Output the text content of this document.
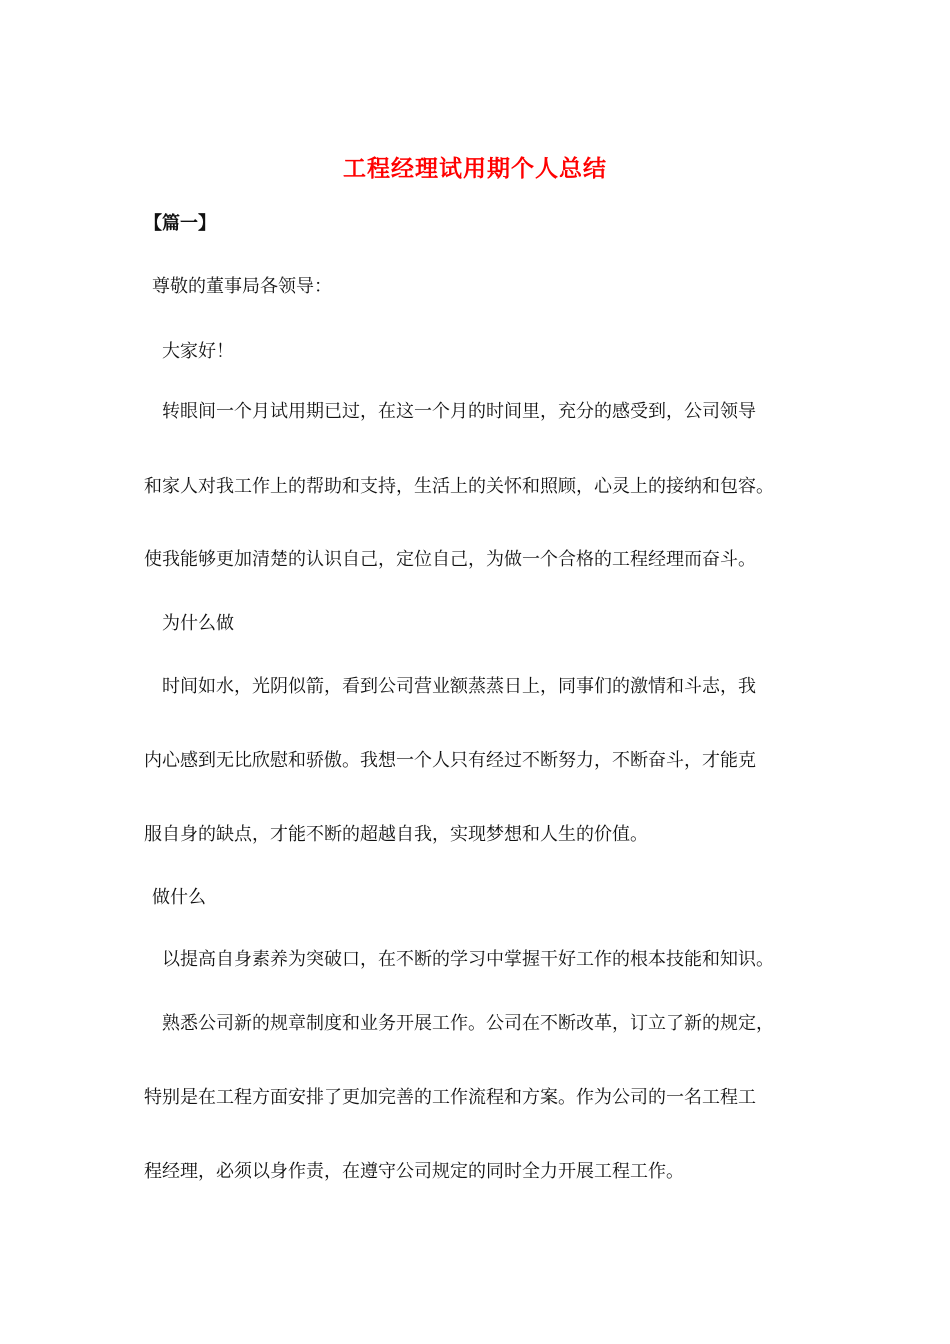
工程经理试用期个人总结
【篇一】
尊敬的董事局各领导：
大家好！
转眼间一个月试用期已过，在这一个月的时间里，充分的感受到，公司领导
和家人对我工作上的帮助和支持，生活上的关怀和照顾，心灵上的接纳和包容。
使我能够更加清楚的认识自己，定位自己，为做一个合格的工程经理而奋斗。
为什么做
时间如水，光阴似箭，看到公司营业额蒸蒸日上，同事们的激情和斗志，我
内心感到无比欣慰和骄傲。我想一个人只有经过不断努力，不断奋斗，才能克
服自身的缺点，才能不断的超越自我，实现梦想和人生的价值。
做什么
以提高自身素养为突破口，在不断的学习中掌握干好工作的根本技能和知识。
熟悉公司新的规章制度和业务开展工作。公司在不断改革，订立了新的规定，
特别是在工程方面安排了更加完善的工作流程和方案。作为公司的一名工程工
程经理，必须以身作责，在遵守公司规定的同时全力开展工程工作。
